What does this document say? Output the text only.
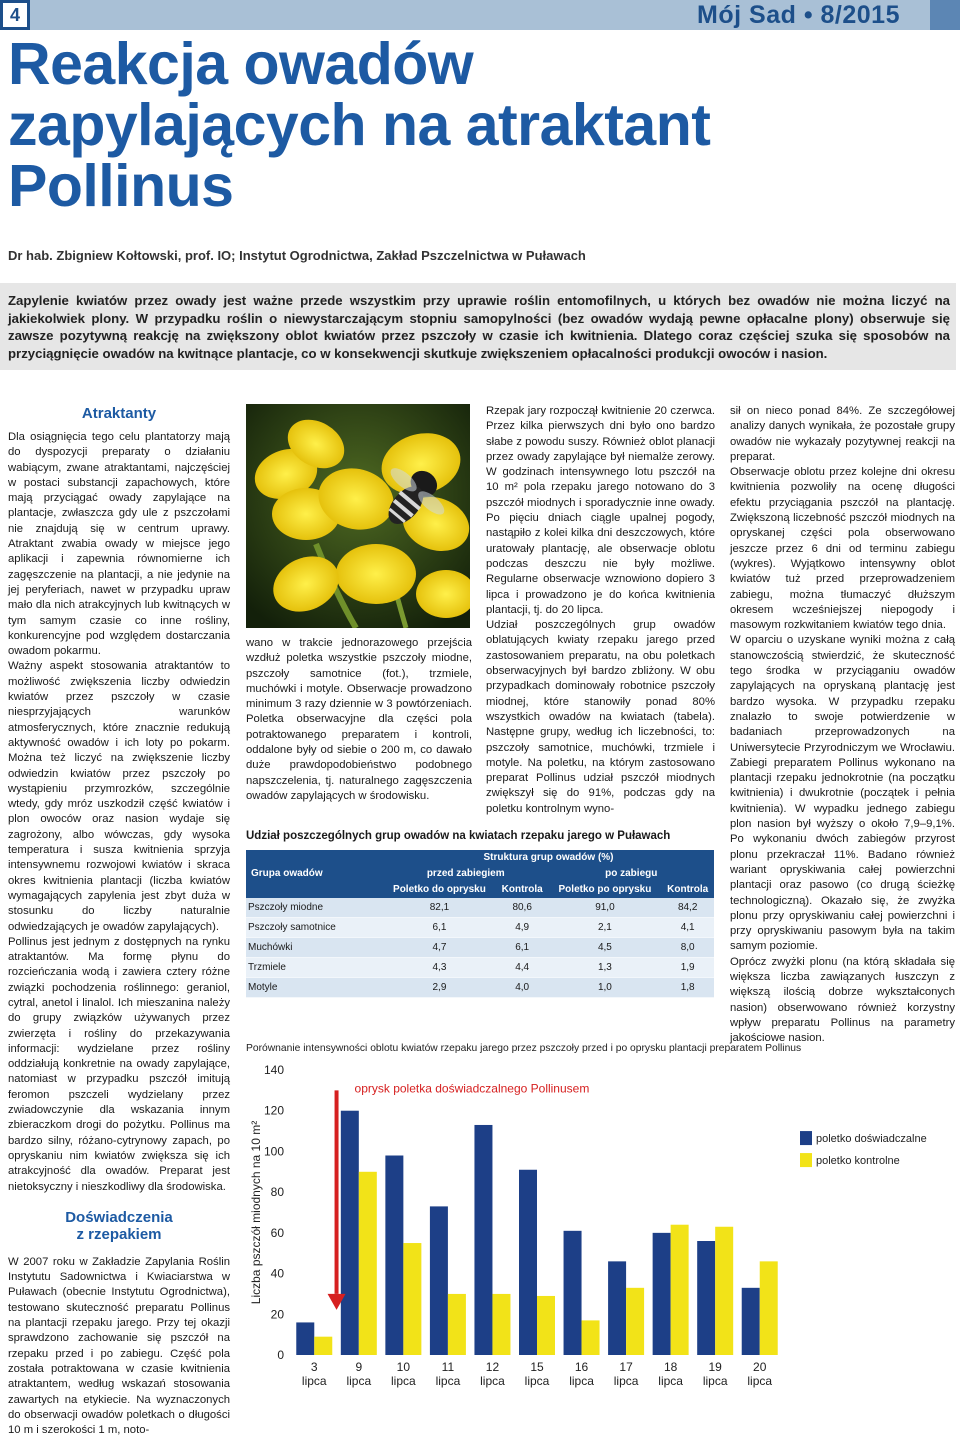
4	Mój Sad • 8/2015
Reakcja owadów
zapylających na atraktant
Pollinus
Dr hab. Zbigniew Kołtowski, prof. IO; Instytut Ogrodnictwa, Zakład Pszczelnictwa w Puławach

Zapylenie kwiatów przez owady jest ważne przede wszystkim przy uprawie roślin entomofilnych, u których bez owadów nie można liczyć na jakiekolwiek plony. W przypadku roślin o niewystarczającym stopniu samopylności (bez owadów wydają pewne opłacalne plony) obserwuje się zawsze pozytywną reakcję na zwiększony oblot kwiatów przez pszczoły w czasie ich kwitnienia. Dlatego coraz częściej szuka się sposobów na przyciągnięcie owadów na kwitnące plantacje, co w konsekwencji skutkuje zwiększeniem opłacalności produkcji owoców i nasion.

Atraktanty

Dla osiągnięcia tego celu plantatorzy mają do dyspozycji preparaty o działaniu wabiącym, zwane atraktantami, najczęściej w postaci substancji zapachowych, które mają przyciągać owady zapylające na plantacje, zwłaszcza gdy ule z pszczołami nie znajdują się w centrum uprawy. Atraktant zwabia owady w miejsce jego aplikacji i zapewnia równomierne ich zagęszczenie na plantacji, a nie jedynie na jej peryferiach, nawet w przypadku upraw mało dla nich atrakcyjnych lub kwitnących w tym samym czasie co inne rośliny, konkurencyjne pod względem dostarczania owadom pokarmu.

Ważny aspekt stosowania atraktantów to możliwość zwiększenia liczby odwiedzin kwiatów przez pszczoły w czasie niesprzyjających warunków atmosferycznych, które znacznie redukują aktywność owadów i ich loty po pokarm. Można też liczyć na zwiększenie liczby odwiedzin kwiatów przez pszczoły po wystąpieniu przymrozków, szczególnie wtedy, gdy mróz uszkodził część kwiatów i plon owoców oraz nasion wydaje się zagrożony, albo wówczas, gdy wysoka temperatura i susza kwitnienia sprzyja intensywnemu rozwojowi kwiatów i skraca okres kwitnienia plantacji (liczba kwiatów wymagających zapylenia jest zbyt duża w stosunku do liczby naturalnie odwiedzających je owadów zapylających).

Pollinus jest jednym z dostępnych na rynku atraktantów. Ma formę płynu do rozcieńczania wodą i zawiera cztery różne związki pochodzenia roślinnego: geraniol, cytral, anetol i linalol. Ich mieszanina należy do grupy związków używanych przez zwierzęta i rośliny do przekazywania informacji: wydzielane przez rośliny oddziałują konkretnie na owady zapylające, natomiast w przypadku pszczół imitują feromon pszczeli wydzielany przez zwiadowczynie dla wskazania innym zbieraczkom drogi do pożytku. Pollinus ma bardzo silny, różano-cytrynowy zapach, po opryskaniu nim kwiatów zwiększa się ich atrakcyjność dla owadów. Preparat jest nietoksyczny i nieszkodliwy dla środowiska.

Doświadczenia
z rzepakiem

W 2007 roku w Zakładzie Zapylania Roślin Instytutu Sadownictwa i Kwiaciarstwa w Puławach (obecnie Instytutu Ogrodnictwa), testowano skuteczność preparatu Pollinus na plantacji rzepaku jarego. Przy tej okazji sprawdzono zachowanie się pszczół na rzepaku przed i po zabiegu. Część pola została potraktowana w czasie kwitnienia atraktantem, według wskazań stosowania zawartych na etykiecie. Na wyznaczonych do obserwacji owadów poletkach o długości 10 m i szerokości 1 m, noto-

wano w trakcie jednorazowego przejścia wzdłuż poletka wszystkie pszczoły miodne, pszczoły samotnice (fot.), trzmiele, muchówki i motyle. Obserwacje prowadzono minimum 3 razy dziennie w 3 powtórzeniach. Poletka obserwacyjne dla części pola potraktowanego preparatem i kontroli, oddalone były od siebie o 200 m, co dawało duże prawdopodobieństwo podobnego napszczelenia, tj. naturalnego zagęszczenia owadów zapylających w środowisku.

Rzepak jary rozpoczął kwitnienie 20 czerwca. Przez kilka pierwszych dni było ono bardzo słabe z powodu suszy. Również oblot planacji przez owady zapylające był niemalże zerowy. W godzinach intensywnego lotu pszczół na 10 m² pola rzepaku jarego notowano do 3 pszczół miodnych i sporadycznie inne owady. Po pięciu dniach ciągle upalnej pogody, nastąpiło z kolei kilka dni deszczowych, które uratowały plantację, ale obserwacje oblotu podczas deszczu nie były możliwe. Regularne obserwacje wznowiono dopiero 3 lipca i prowadzono je do końca kwitnienia plantacji, tj. do 20 lipca.

Udział poszczególnych grup owadów oblatujących kwiaty rzepaku jarego przed zastosowaniem preparatu, na obu poletkach obserwacyjnych był bardzo zbliżony. W obu przypadkach dominowały robotnice pszczoły miodnej, które stanowiły ponad 80% wszystkich owadów na kwiatach (tabela). Następne grupy, według ich liczebności, to: pszczoły samotnice, muchówki, trzmiele i motyle. Na poletku, na którym zastosowano preparat Pollinus udział pszczół miodnych zwiększył się do 91%, podczas gdy na poletku kontrolnym wyno-

sił on nieco ponad 84%. Ze szczegółowej analizy danych wynikała, że pozostałe grupy owadów nie wykazały pozytywnej reakcji na preparat.

Obserwacje oblotu przez kolejne dni okresu kwitnienia pozwoliły na ocenę długości efektu przyciągania pszczół na plantację. Zwiększoną liczebność pszczół miodnych na opryskanej części pola obserwowano jeszcze przez 6 dni od terminu zabiegu (wykres). Wyjątkowo intensywny oblot kwiatów tuż przed przeprowadzeniem zabiegu, można tłumaczyć dłuższym okresem wcześniejszej niepogody i masowym rozkwitaniem kwiatów tego dnia.

W oparciu o uzyskane wyniki można z całą stanowczością stwierdzić, że skuteczność tego środka w przyciąganiu owadów zapylających na opryskaną plantację jest bardzo wysoka. W przypadku rzepaku znalazło to swoje potwierdzenie w badaniach przeprowadzonych na Uniwersytecie Przyrodniczym we Wrocławiu. Zabiegi preparatem Pollinus wykonano na plantacji rzepaku jednokrotnie (na początku kwitnienia) i dwukrotnie (początek i pełnia kwitnienia). W wypadku jednego zabiegu plon nasion był wyższy o około 7,9–9,1%. Po wykonaniu dwóch zabiegów przyrost plonu przekraczał 11%. Badano również wariant opryskiwania całej powierzchni plantacji oraz pasowo (co drugą ścieżkę technologiczną). Okazało się, że zwyżka plonu przy opryskiwaniu całej powierzchni i przy opryskiwaniu pasowym była na takim samym poziomie.

Oprócz zwyżki plonu (na którą składała się większa liczba zawiązanych łuszczyn z większą ilością dobrze wykształconych nasion) obserwowano również korzystny wpływ preparatu Pollinus na parametry jakościowe nasion.

Udział poszczególnych grup owadów na kwiatach rzepaku jarego w Puławach
Grupa owadów	Struktura grup owadów (%)			
	przed zabiegiem		po zabiegu	
	Poletko do oprysku	Kontrola	Poletko po oprysku	Kontrola
Pszczoły miodne	82,1	80,6	91,0	84,2
Pszczoły samotnice	6,1	4,9	2,1	4,1
Muchówki	4,7	6,1	4,5	8,0
Trzmiele	4,3	4,4	1,3	1,9
Motyle	2,9	4,0	1,0	1,8
Porównanie intensywności oblotu kwiatów rzepaku jarego przez pszczoły przed i po oprysku plantacji preparatem Pollinus
0
20
40
60
80
100
120
140
Liczba pszczół miodnych na 10 m²
3
lipca
9
lipca
10
lipca
11
lipca
12
lipca
15
lipca
16
lipca
17
lipca
18
lipca
19
lipca
20
lipca
oprysk poletka doświadczalnego Pollinusem
poletko doświadczalne
poletko kontrolne
